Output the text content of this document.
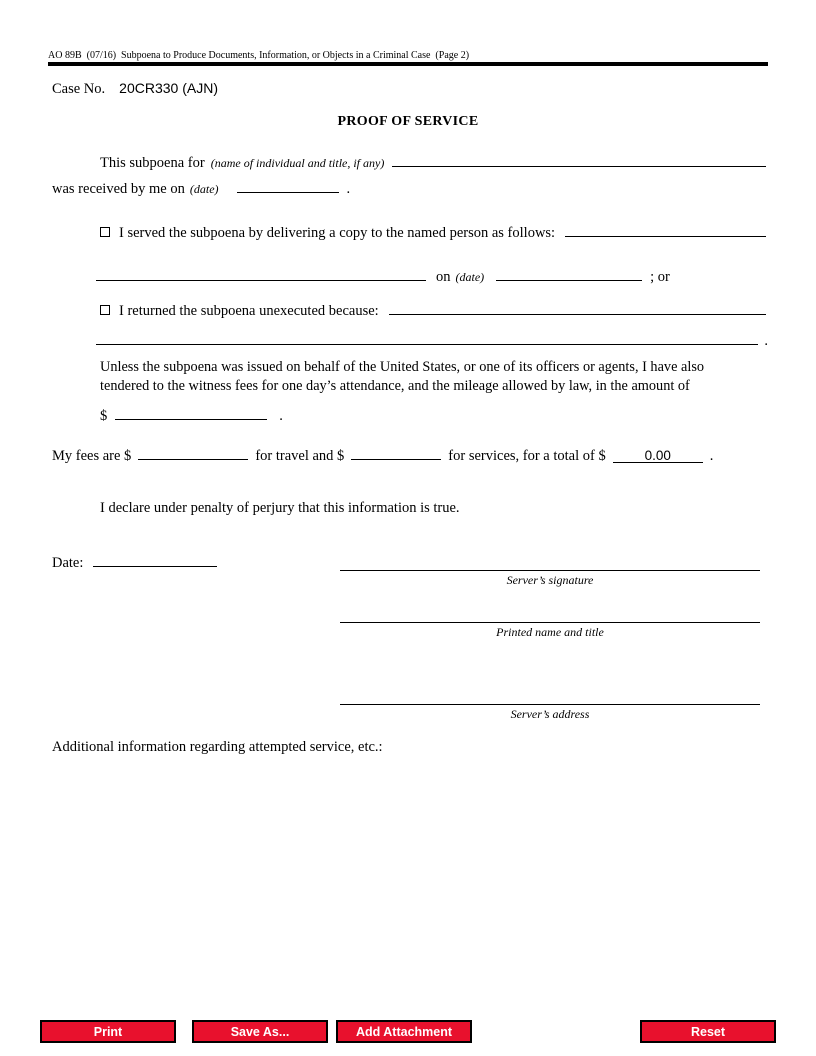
AO 89B  (07/16)  Subpoena to Produce Documents, Information, or Objects in a Criminal Case  (Page 2)
Case No. 20CR330 (AJN)
PROOF OF SERVICE
This subpoena for (name of individual and title, if any)
was received by me on (date)	.
I served the subpoena by delivering a copy to the named person as follows:
on (date)	; or
I returned the subpoena unexecuted because:
.
Unless the subpoena was issued on behalf of the United States, or one of its officers or agents, I have also
tendered to the witness fees for one day’s attendance, and the mileage allowed by law, in the amount of
$	.
My fees are $	for travel and $	for services, for a total of $	0.00	.
I declare under penalty of perjury that this information is true.
Date:
Server’s signature
Printed name and title
Server’s address
Additional information regarding attempted service, etc.:
Print	Save As...	Add Attachment	Reset
